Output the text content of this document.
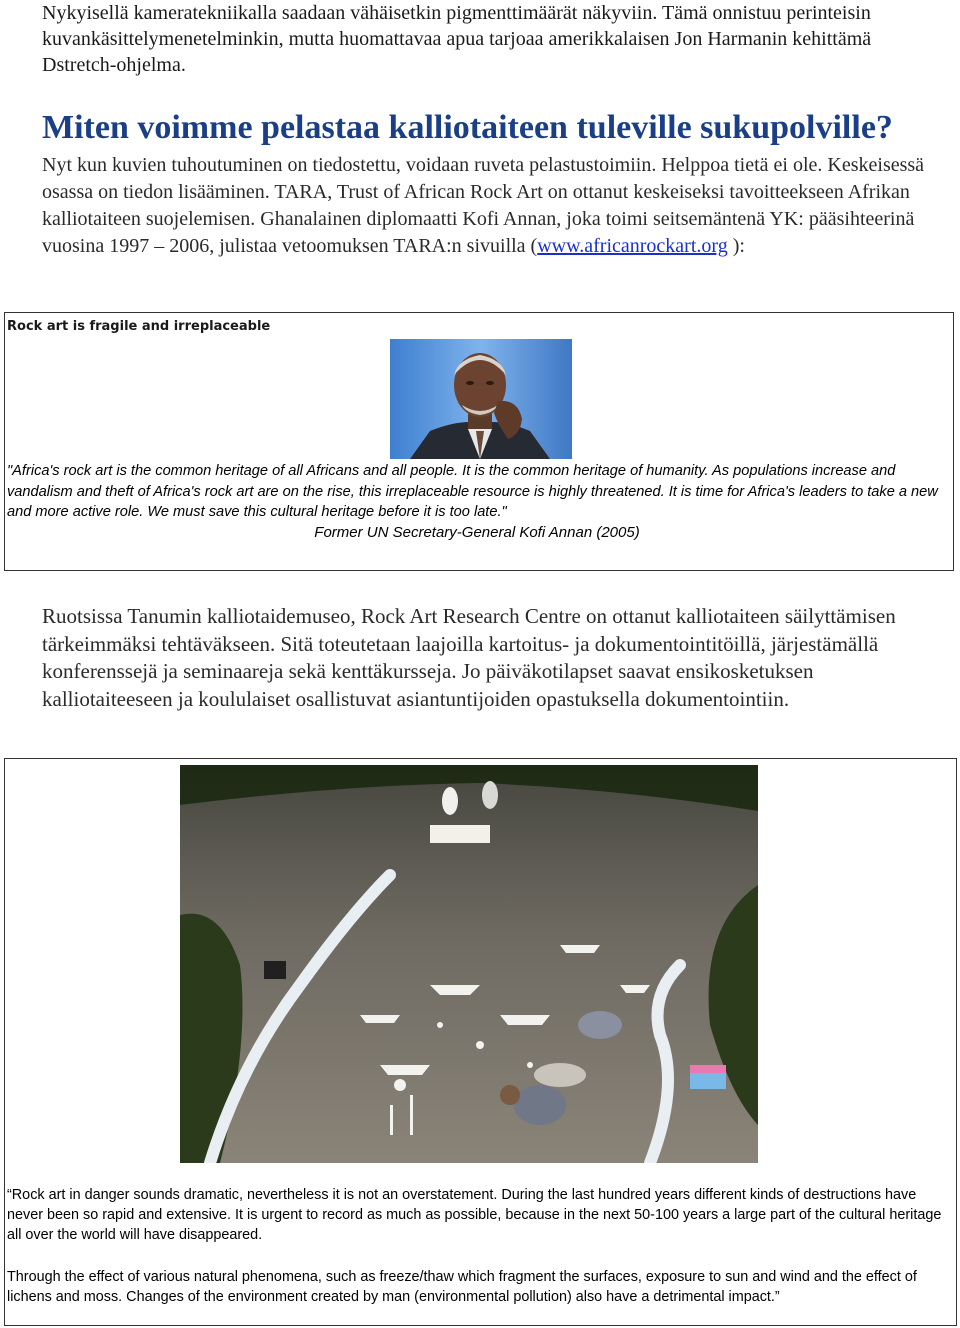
Nykyisellä kameratekniikalla saadaan vähäisetkin pigmenttimäärät näkyviin. Tämä onnistuu perinteisin kuvankäsittelymenetelminkin, mutta huomattavaa apua tarjoaa amerikkalaisen Jon Harmanin kehittämä Dstretch-ohjelma.

Miten voimme pelastaa kalliotaiteen tuleville sukupolville?

Nyt kun kuvien tuhoutuminen on tiedostettu, voidaan ruveta pelastustoimiin. Helppoa tietä ei ole. Keskeisessä osassa on tiedon lisääminen. TARA, Trust of African Rock Art on ottanut keskeiseksi tavoitteekseen Afrikan kalliotaiteen suojelemisen. Ghanalainen diplomaatti Kofi Annan, joka toimi seitsemäntenä YK: pääsihteerinä vuosina 1997 – 2006, julistaa vetoomuksen TARA:n sivuilla (www.africanrockart.org ):

Rock art is fragile and irreplaceable

"Africa's rock art is the common heritage of all Africans and all people. It is the common heritage of humanity. As populations increase and vandalism and theft of Africa's rock art are on the rise, this irreplaceable resource is highly threatened. It is time for Africa's leaders to take a new and more active role. We must save this cultural heritage before it is too late."

Former UN Secretary-General Kofi Annan (2005)

Ruotsissa Tanumin kalliotaidemuseo, Rock Art Research Centre on ottanut kalliotaiteen säilyttämisen tärkeimmäksi tehtäväkseen. Sitä toteutetaan laajoilla kartoitus- ja dokumentointitöillä, järjestämällä konferenssejä ja seminaareja sekä kenttäkursseja. Jo päiväkotilapset saavat ensikosketuksen kalliotaiteeseen ja koululaiset osallistuvat asiantuntijoiden opastuksella dokumentointiin.

“Rock art in danger sounds dramatic, nevertheless it is not an overstatement. During the last hundred years different kinds of destructions have never been so rapid and extensive. It is urgent to record as much as possible, because in the next 50-100 years a large part of the cultural heritage all over the world will have disappeared.

Through the effect of various natural phenomena, such as freeze/thaw which fragment the surfaces, exposure to sun and wind and the effect of lichens and moss. Changes of the environment created by man (environmental pollution) also have a detrimental impact.”
